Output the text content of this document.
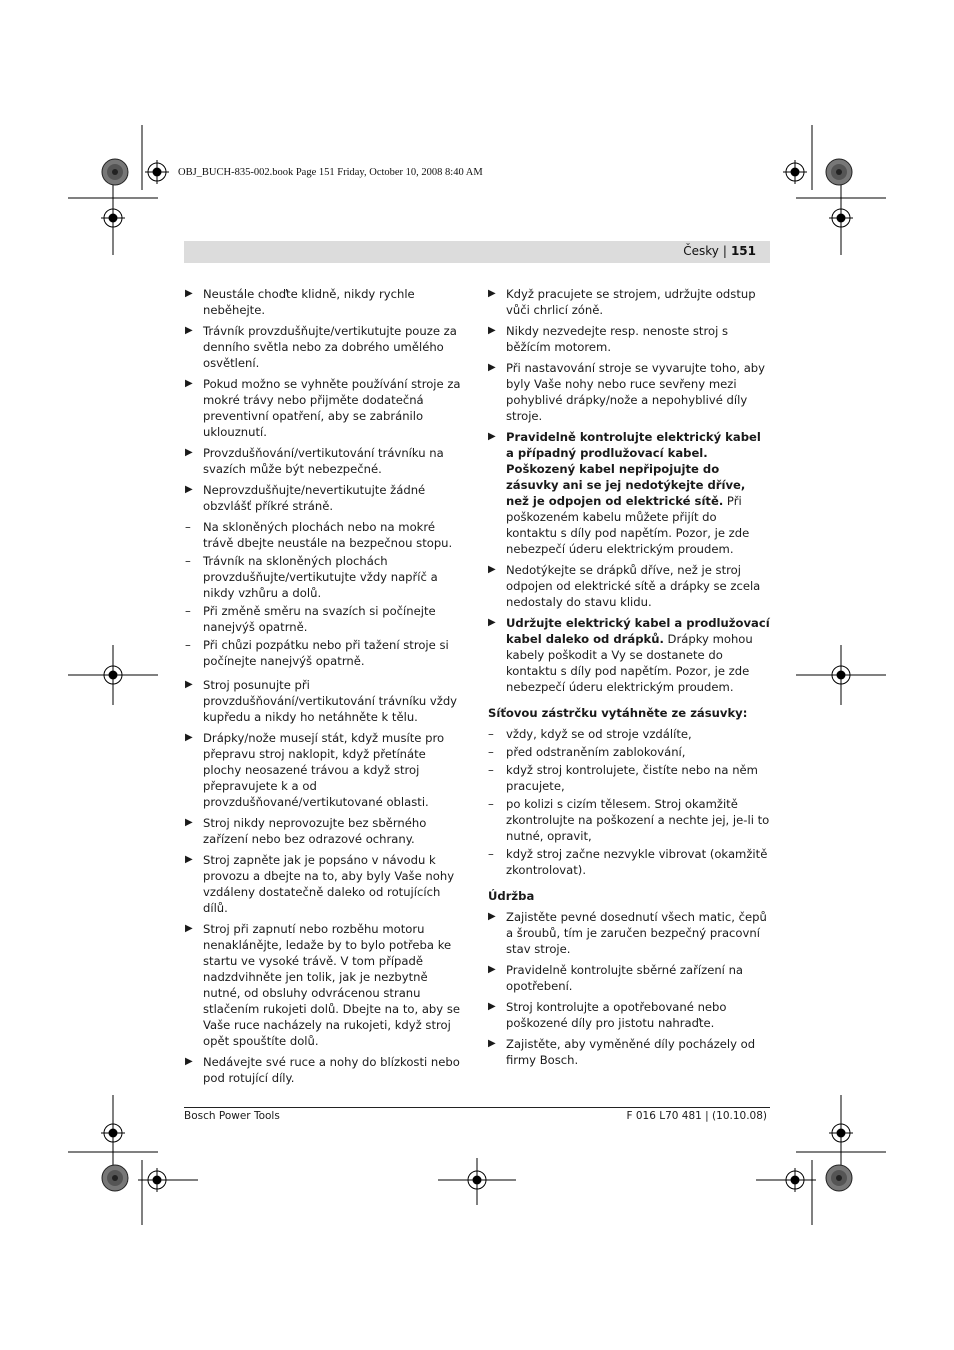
OBJ_BUCH-835-002.book Page 151 Friday, October 10, 2008 8:40 AM
Česky | 151
▶ Neustále choďte klidně, nikdy rychle neběhejte.
▶ Trávník provzdušňujte/vertikutujte pouze za denního světla nebo za dobrého umělého osvětlení.
▶ Pokud možno se vyhněte používání stroje za mokré trávy nebo přijměte dodatečná preventivní opatření, aby se zabránilo uklouznutí.
▶ Provzdušňování/vertikutování trávníku na svazích může být nebezpečné.
▶ Neprovzdušňujte/nevertikutujte žádné obzvlášť příkré stráně.
– Na skloněných plochách nebo na mokré trávě dbejte neustále na bezpečnou stopu.
– Trávník na skloněných plochách provzdušňujte/vertikutujte vždy napříč a nikdy vzhůru a dolů.
– Při změně směru na svazích si počínejte nanejvýš opatrně.
– Při chůzi pozpátku nebo při tažení stroje si počínejte nanejvýš opatrně.
▶ Stroj posunujte při provzdušňování/vertikutování trávníku vždy kupředu a nikdy ho netáhněte k tělu.
▶ Drápky/nože musejí stát, když musíte pro přepravu stroj naklopit, když přetínáte plochy neosazené trávou a když stroj přepravujete k a od provzdušňované/vertikutované oblasti.
▶ Stroj nikdy neprovozujte bez sběrného zařízení nebo bez odrazové ochrany.
▶ Stroj zapněte jak je popsáno v návodu k provozu a dbejte na to, aby byly Vaše nohy vzdáleny dostatečně daleko od rotujících dílů.
▶ Stroj při zapnutí nebo rozběhu motoru nenaklánějte, ledaže by to bylo potřeba ke startu ve vysoké trávě. V tom případě nadzdvihněte jen tolik, jak je nezbytně nutné, od obsluhy odvrácenou stranu stlačením rukojeti dolů. Dbejte na to, aby se Vaše ruce nacházely na rukojeti, když stroj opět spouštíte dolů.
▶ Nedávejte své ruce a nohy do blízkosti nebo pod rotující díly.
▶ Když pracujete se strojem, udržujte odstup vůči chrlicí zóně.
▶ Nikdy nezvedejte resp. nenoste stroj s běžícím motorem.
▶ Při nastavování stroje se vyvarujte toho, aby byly Vaše nohy nebo ruce sevřeny mezi pohyblivé drápky/nože a nepohyblivé díly stroje.
▶ Pravidelně kontrolujte elektrický kabel a případný prodlužovací kabel. Poškozený kabel nepřipojujte do zásuvky ani se jej nedotýkejte dříve, než je odpojen od elektrické sítě. Při poškozeném kabelu můžete přijít do kontaktu s díly pod napětím. Pozor, je zde nebezpečí úderu elektrickým proudem.
▶ Nedotýkejte se drápků dříve, než je stroj odpojen od elektrické sítě a drápky se zcela nedostaly do stavu klidu.
▶ Udržujte elektrický kabel a prodlužovací kabel daleko od drápků. Drápky mohou kabely poškodit a Vy se dostanete do kontaktu s díly pod napětím. Pozor, je zde nebezpečí úderu elektrickým proudem.
Síťovou zástrčku vytáhněte ze zásuvky:
– vždy, když se od stroje vzdálíte,
– před odstraněním zablokování,
– když stroj kontrolujete, čistíte nebo na něm pracujete,
– po kolizi s cizím tělesem. Stroj okamžitě zkontrolujte na poškození a nechte jej, je-li to nutné, opravit,
– když stroj začne nezvykle vibrovat (okamžitě zkontrolovat).
Údržba
▶ Zajistěte pevné dosednutí všech matic, čepů a šroubů, tím je zaručen bezpečný pracovní stav stroje.
▶ Pravidelně kontrolujte sběrné zařízení na opotřebení.
▶ Stroj kontrolujte a opotřebované nebo poškozené díly pro jistotu nahraďte.
▶ Zajistěte, aby vyměněné díly pocházely od firmy Bosch.
Bosch Power Tools	F 016 L70 481 | (10.10.08)
